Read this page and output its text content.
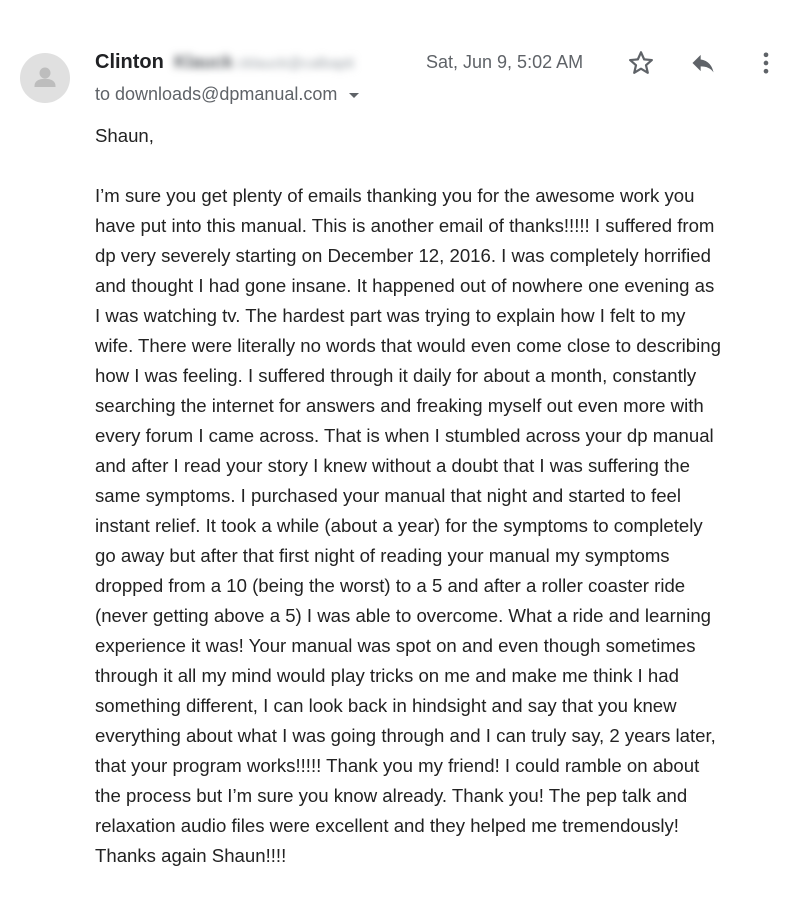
Clinton Klauck cklauck@calbapti	Sat, Jun 9, 5:02 AM
to downloads@dpmanual.com

Shaun,

I’m sure you get plenty of emails thanking you for the awesome work you
have put into this manual. This is another email of thanks!!!!! I suffered from
dp very severely starting on December 12, 2016. I was completely horrified
and thought I had gone insane. It happened out of nowhere one evening as
I was watching tv. The hardest part was trying to explain how I felt to my
wife. There were literally no words that would even come close to describing
how I was feeling. I suffered through it daily for about a month, constantly
searching the internet for answers and freaking myself out even more with
every forum I came across. That is when I stumbled across your dp manual
and after I read your story I knew without a doubt that I was suffering the
same symptoms. I purchased your manual that night and started to feel
instant relief. It took a while (about a year) for the symptoms to completely
go away but after that first night of reading your manual my symptoms
dropped from a 10 (being the worst) to a 5 and after a roller coaster ride
(never getting above a 5) I was able to overcome. What a ride and learning
experience it was! Your manual was spot on and even though sometimes
through it all my mind would play tricks on me and make me think I had
something different, I can look back in hindsight and say that you knew
everything about what I was going through and I can truly say, 2 years later,
that your program works!!!!! Thank you my friend! I could ramble on about
the process but I’m sure you know already. Thank you! The pep talk and
relaxation audio files were excellent and they helped me tremendously!
Thanks again Shaun!!!!
